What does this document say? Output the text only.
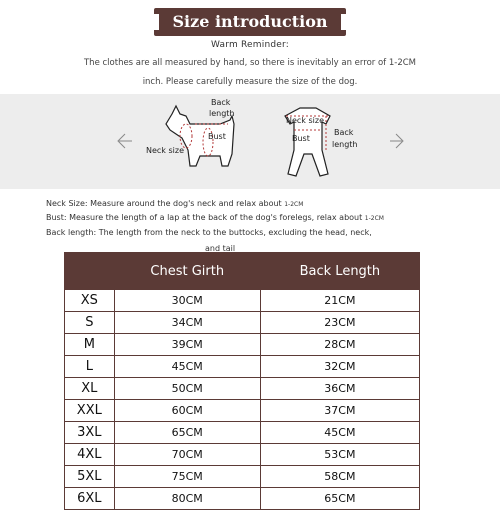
Size introduction
Warm Reminder:
The clothes are all measured by hand, so there is inevitably an error of 1-2CM
inch. Please carefully measure the size of the dog.
Back
length
Neck size
Bust
Neck size
Bust
Back
length
Neck Size: Measure around the dog's neck and relax about 1-2CM
Bust: Measure the length of a lap at the back of the dog's forelegs, relax about 1-2CM
Back length: The length from the neck to the buttocks, excluding the head, neck,
and tail
	Chest Girth	Back Length
XS	30CM	21CM
S	34CM	23CM
M	39CM	28CM
L	45CM	32CM
XL	50CM	36CM
XXL	60CM	37CM
3XL	65CM	45CM
4XL	70CM	53CM
5XL	75CM	58CM
6XL	80CM	65CM
